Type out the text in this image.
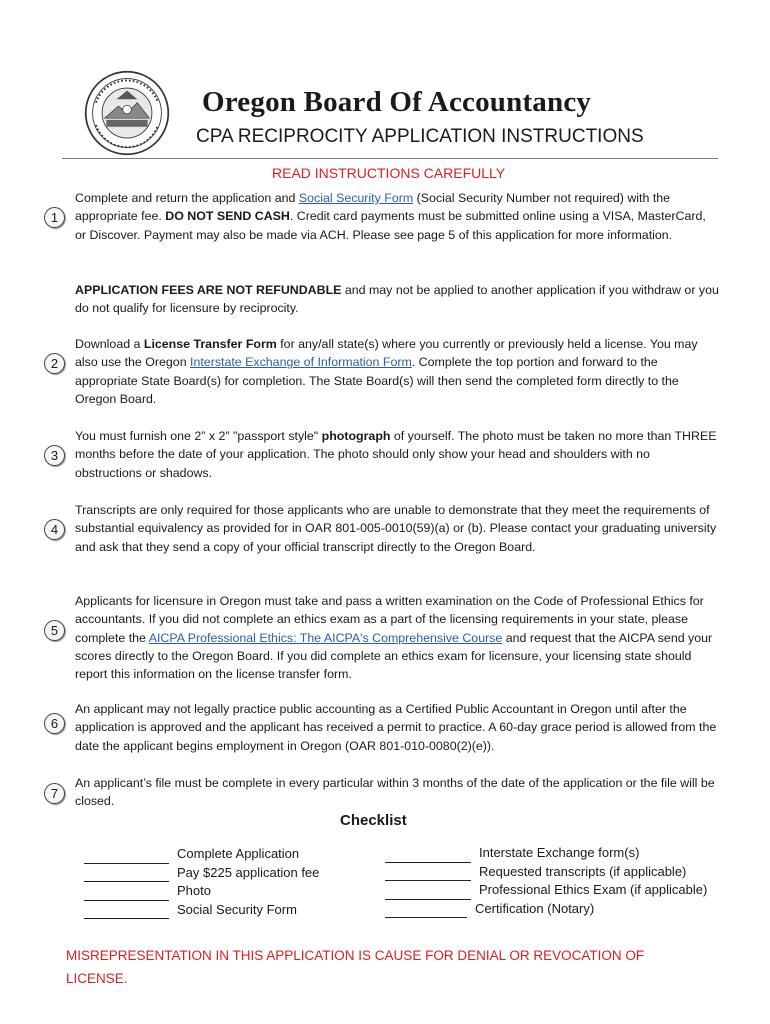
Oregon Board Of Accountancy
CPA RECIPROCITY APPLICATION INSTRUCTIONS
READ INSTRUCTIONS CAREFULLY
1
Complete and return the application and Social Security Form (Social Security Number not required) with the appropriate fee. DO NOT SEND CASH. Credit card payments must be submitted online using a VISA, MasterCard, or Discover. Payment may also be made via ACH. Please see page 5 of this application for more information.
APPLICATION FEES ARE NOT REFUNDABLE and may not be applied to another application if you withdraw or you do not qualify for licensure by reciprocity.
2
Download a License Transfer Form for any/all state(s) where you currently or previously held a license. You may also use the Oregon Interstate Exchange of Information Form. Complete the top portion and forward to the appropriate State Board(s) for completion. The State Board(s) will then send the completed form directly to the Oregon Board.
3
You must furnish one 2” x 2” "passport style" photograph of yourself. The photo must be taken no more than THREE months before the date of your application. The photo should only show your head and shoulders with no obstructions or shadows.
4
Transcripts are only required for those applicants who are unable to demonstrate that they meet the requirements of substantial equivalency as provided for in OAR 801-005-0010(59)(a) or (b). Please contact your graduating university and ask that they send a copy of your official transcript directly to the Oregon Board.
5
Applicants for licensure in Oregon must take and pass a written examination on the Code of Professional Ethics for accountants. If you did not complete an ethics exam as a part of the licensing requirements in your state, please complete the AICPA Professional Ethics: The AICPA's Comprehensive Course and request that the AICPA send your scores directly to the Oregon Board. If you did complete an ethics exam for licensure, your licensing state should report this information on the license transfer form.
6
An applicant may not legally practice public accounting as a Certified Public Accountant in Oregon until after the application is approved and the applicant has received a permit to practice. A 60-day grace period is allowed from the date the applicant begins employment in Oregon (OAR 801-010-0080(2)(e)).
7
An applicant’s file must be complete in every particular within 3 months of the date of the application or the file will be closed.
Checklist
Complete Application
Pay $225 application fee
Photo
Social Security Form
Interstate Exchange form(s)
Requested transcripts (if applicable)
Professional Ethics Exam (if applicable)
Certification (Notary)
MISREPRESENTATION IN THIS APPLICATION IS CAUSE FOR DENIAL OR REVOCATION OF LICENSE.
